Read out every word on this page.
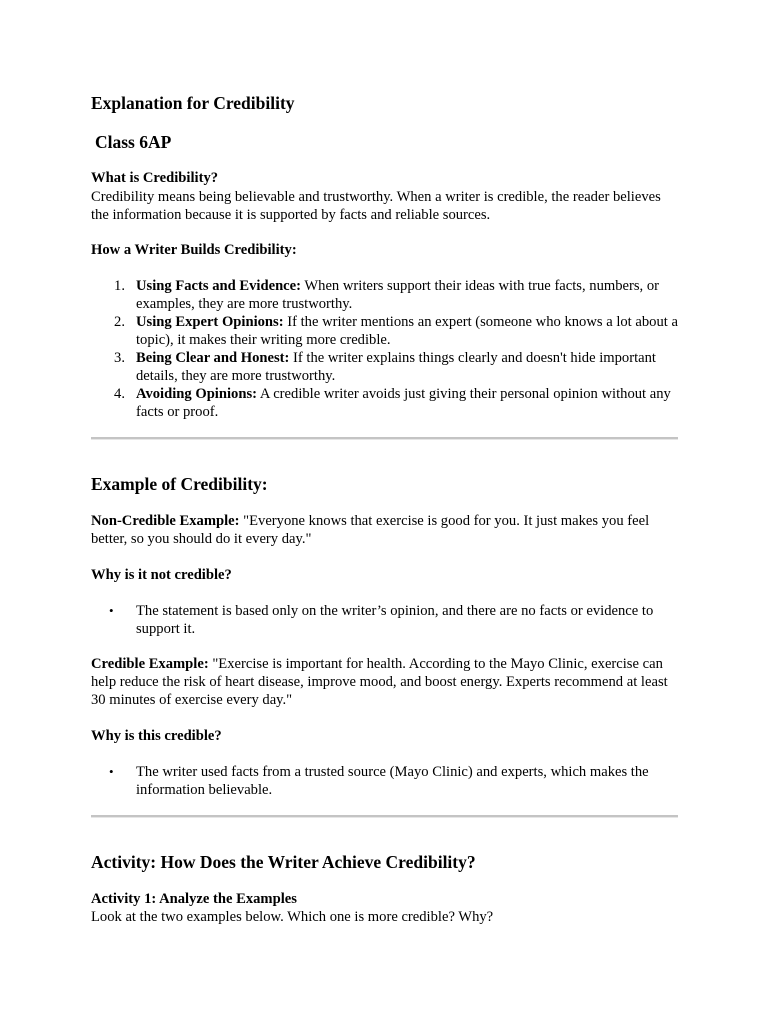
Explanation for Credibility
Class 6AP
What is Credibility?
Credibility means being believable and trustworthy. When a writer is credible, the reader believes the information because it is supported by facts and reliable sources.
How a Writer Builds Credibility:
1. Using Facts and Evidence: When writers support their ideas with true facts, numbers, or examples, they are more trustworthy.
2. Using Expert Opinions: If the writer mentions an expert (someone who knows a lot about a topic), it makes their writing more credible.
3. Being Clear and Honest: If the writer explains things clearly and doesn't hide important details, they are more trustworthy.
4. Avoiding Opinions: A credible writer avoids just giving their personal opinion without any facts or proof.
Example of Credibility:
Non-Credible Example: "Everyone knows that exercise is good for you. It just makes you feel better, so you should do it every day."
Why is it not credible?
•	The statement is based only on the writer’s opinion, and there are no facts or evidence to support it.
Credible Example: "Exercise is important for health. According to the Mayo Clinic, exercise can help reduce the risk of heart disease, improve mood, and boost energy. Experts recommend at least 30 minutes of exercise every day."
Why is this credible?
•	The writer used facts from a trusted source (Mayo Clinic) and experts, which makes the information believable.
Activity: How Does the Writer Achieve Credibility?
Activity 1: Analyze the Examples
Look at the two examples below. Which one is more credible? Why?
